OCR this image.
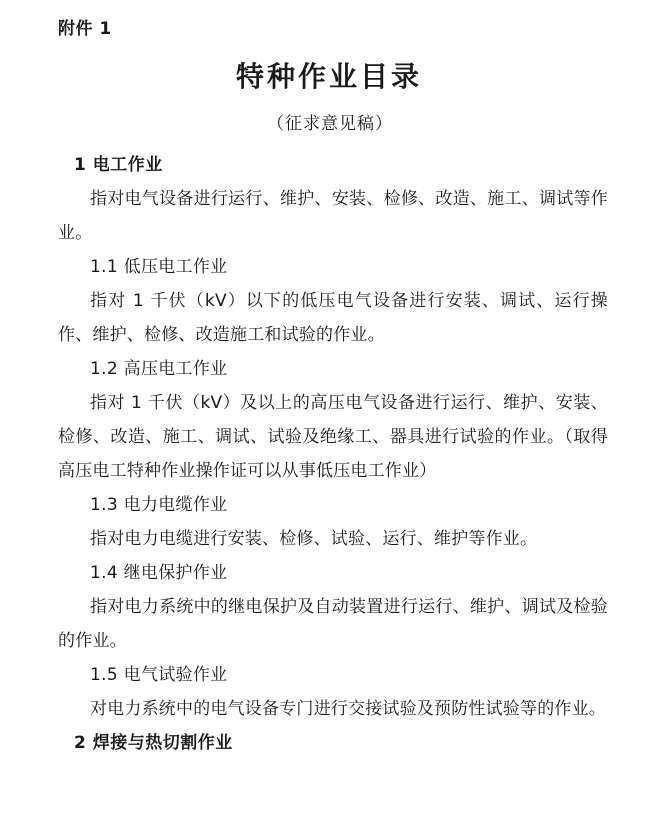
附件 1
特种作业目录
（征求意见稿）
1 电工作业
指对电气设备进行运行、维护、安装、检修、改造、施工、调试等作业。
1.1 低压电工作业
指对 1 千伏（kV）以下的低压电气设备进行安装、调试、运行操作、维护、检修、改造施工和试验的作业。
1.2 高压电工作业
指对 1 千伏（kV）及以上的高压电气设备进行运行、维护、安装、检修、改造、施工、调试、试验及绝缘工、器具进行试验的作业。（取得高压电工特种作业操作证可以从事低压电工作业）
1.3 电力电缆作业
指对电力电缆进行安装、检修、试验、运行、维护等作业。
1.4 继电保护作业
指对电力系统中的继电保护及自动装置进行运行、维护、调试及检验的作业。
1.5 电气试验作业
对电力系统中的电气设备专门进行交接试验及预防性试验等的作业。
2 焊接与热切割作业
